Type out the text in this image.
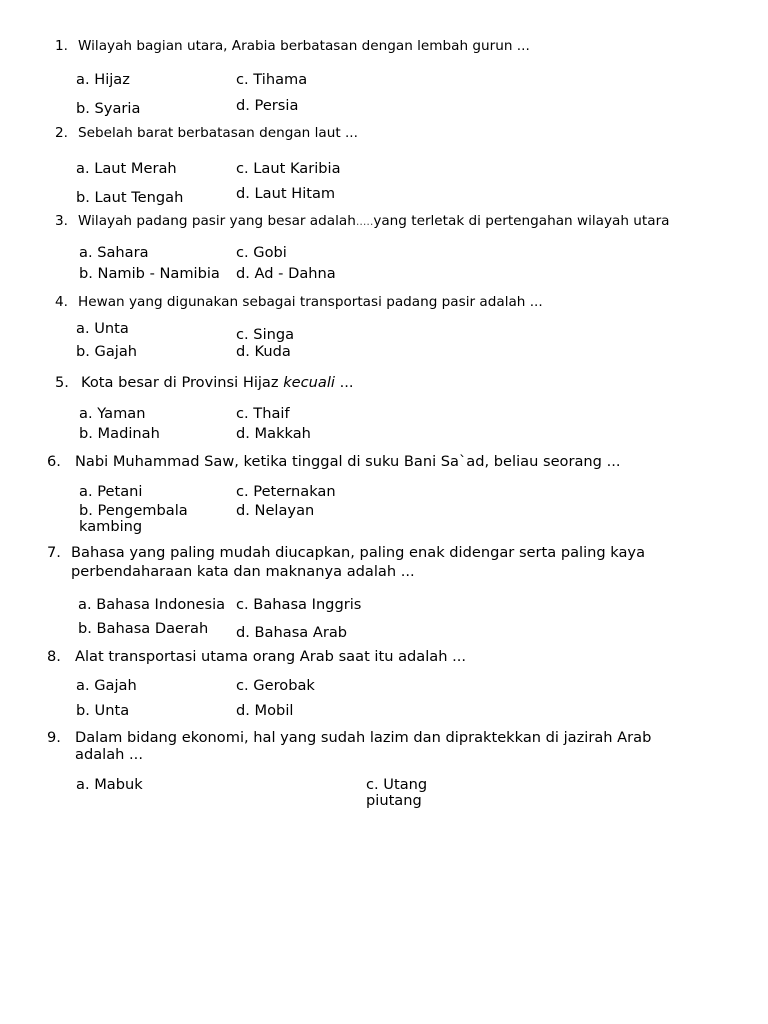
1. Wilayah bagian utara, Arabia berbatasan dengan lembah gurun ...
a. Hijaz
b. Syaria
c. Tihama
d. Persia
2. Sebelah barat berbatasan dengan laut ...
a. Laut Merah
b. Laut Tengah
c. Laut Karibia
d. Laut Hitam
3. Wilayah padang pasir yang besar adalah.....yang terletak di pertengahan wilayah utara
a. Sahara
b. Namib - Namibia
c. Gobi
d. Ad - Dahna
4. Hewan yang digunakan sebagai transportasi padang pasir adalah ...
a. Unta
b. Gajah
c. Singa
d. Kuda
5. Kota besar di Provinsi Hijaz kecuali ...
a. Yaman
b. Madinah
c. Thaif
d. Makkah
6. Nabi Muhammad Saw, ketika tinggal di suku Bani Sa`ad, beliau seorang ...
a. Petani
b. Pengembala
kambing
c. Peternakan
d. Nelayan
7. Bahasa yang paling mudah diucapkan, paling enak didengar serta paling kaya
perbendaharaan kata dan maknanya adalah ...
a. Bahasa Indonesia
b. Bahasa Daerah
c. Bahasa Inggris
d. Bahasa Arab
8. Alat transportasi utama orang Arab saat itu adalah ...
a. Gajah
b. Unta
c. Gerobak
d. Mobil
9. Dalam bidang ekonomi, hal yang sudah lazim dan dipraktekkan di jazirah Arab
adalah ...
a. Mabuk	c. Utang
piutang
